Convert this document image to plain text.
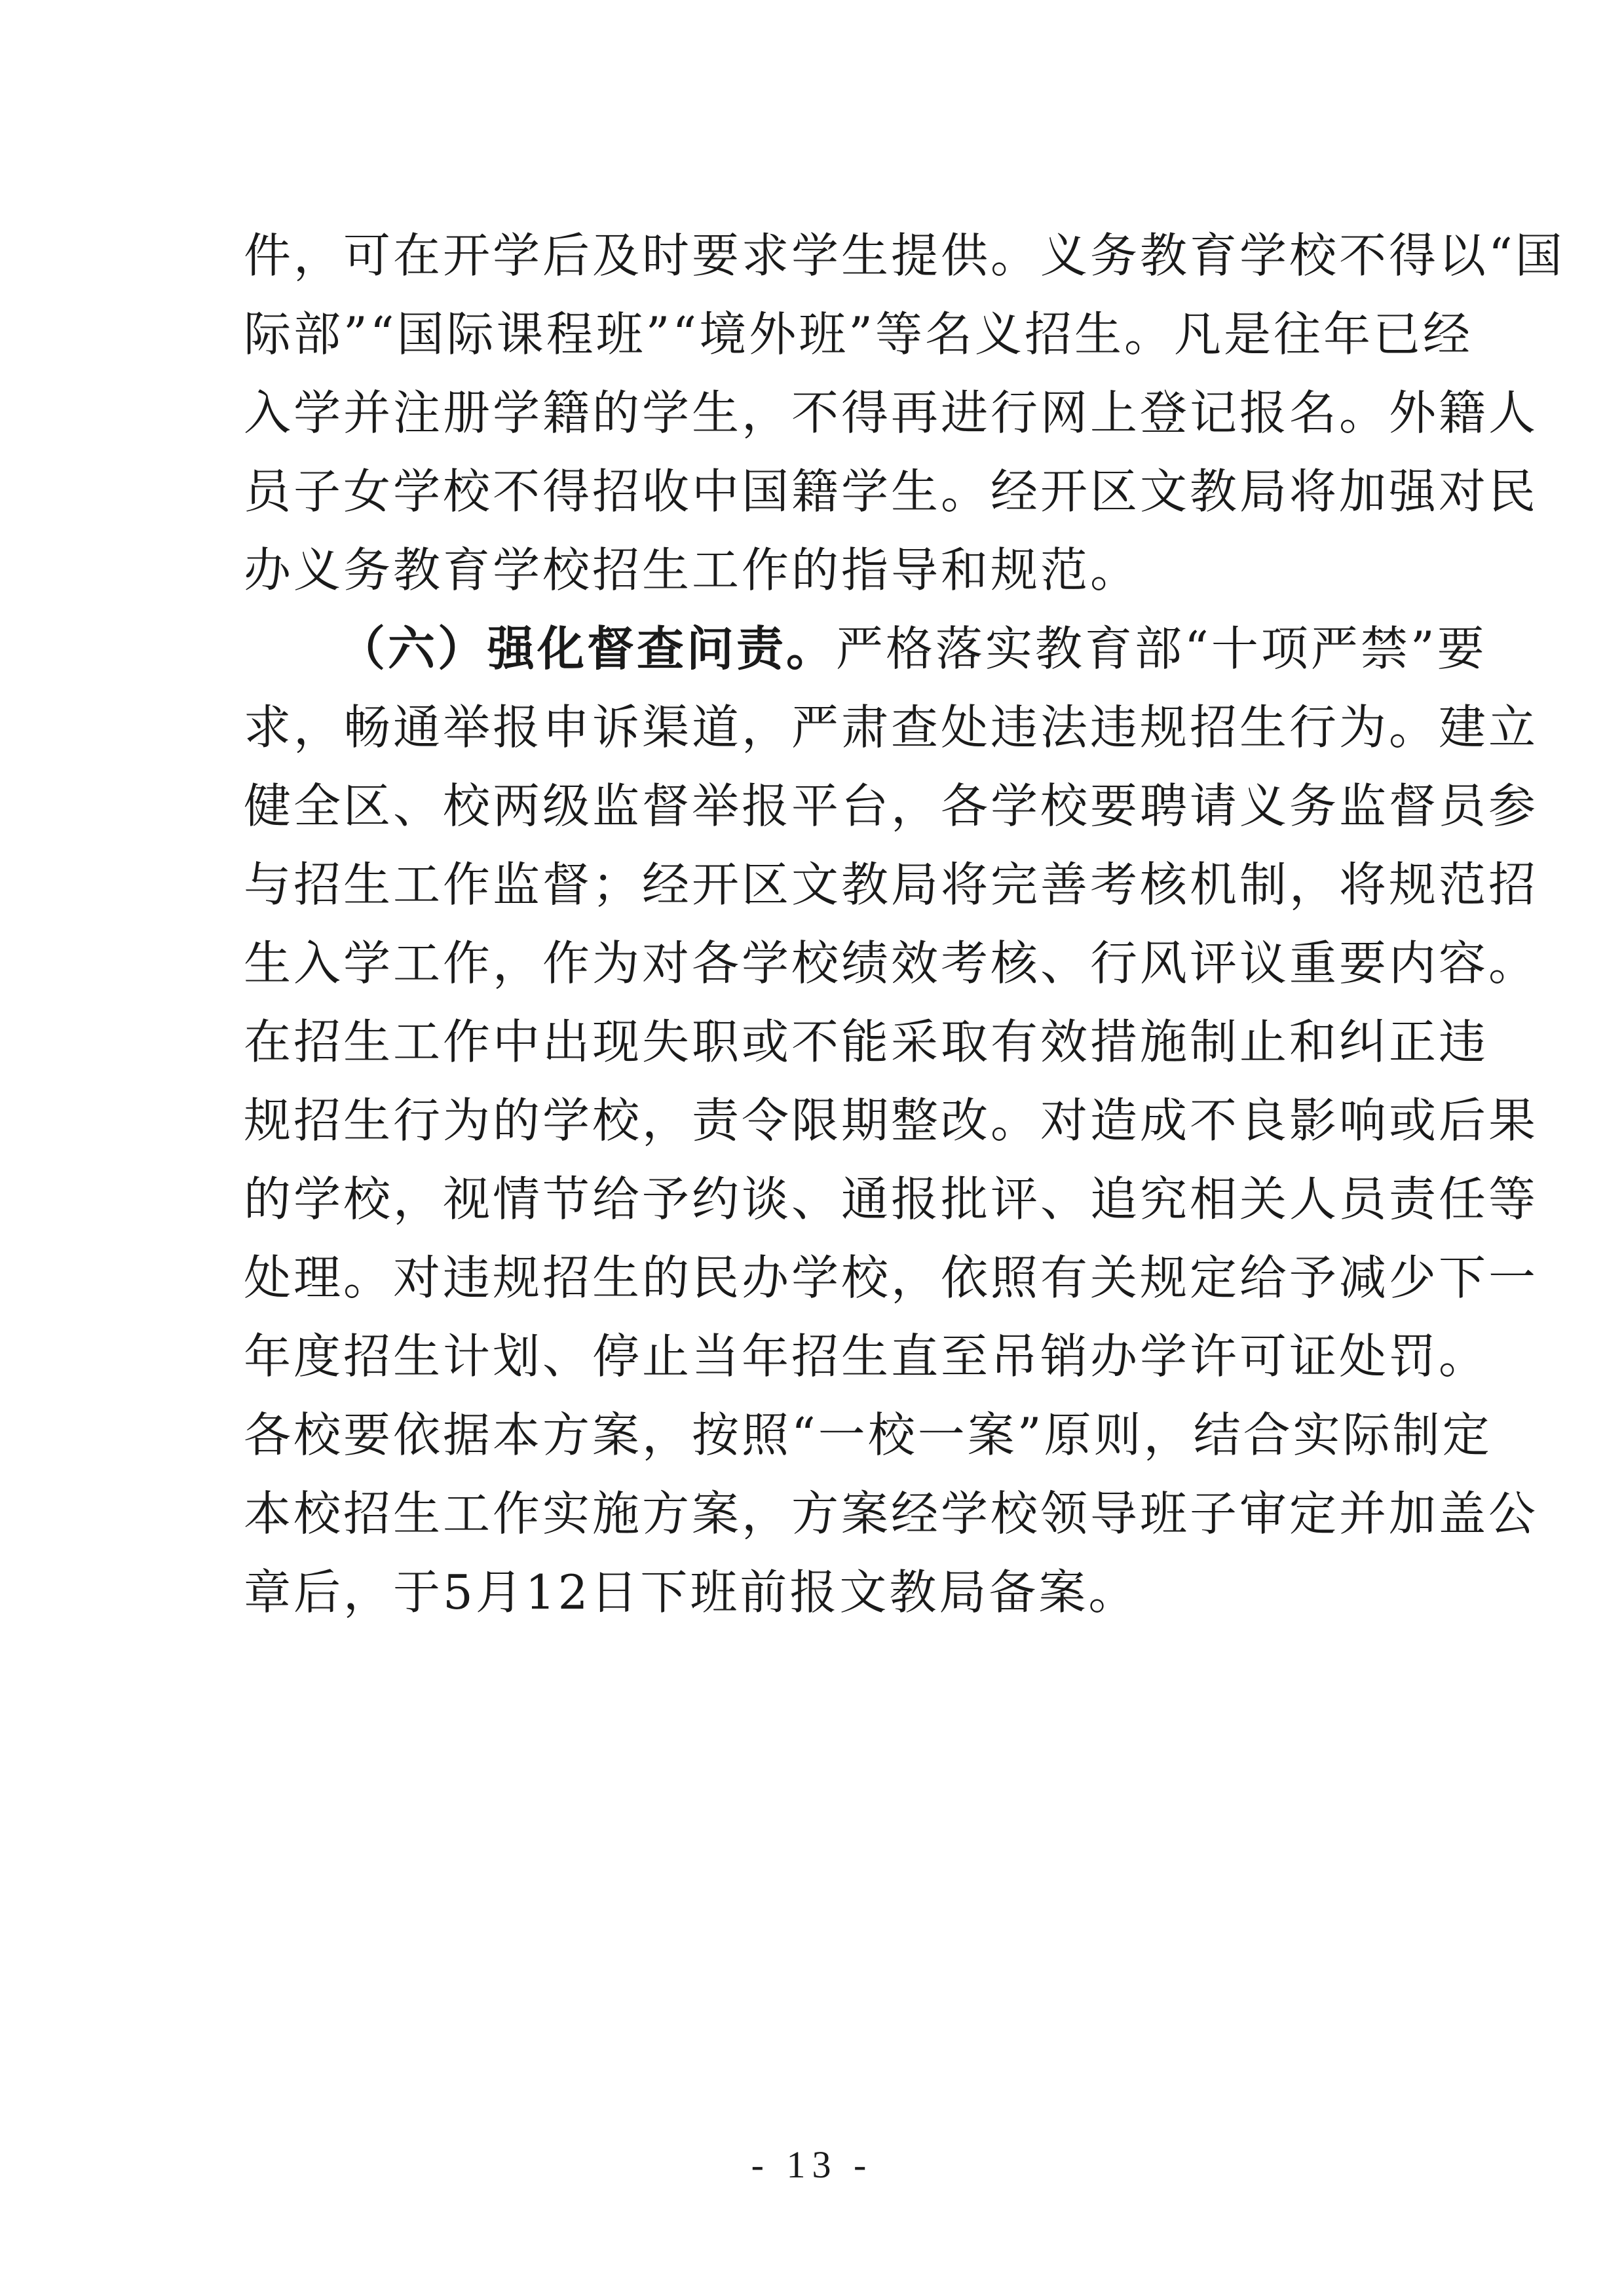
件，可在开学后及时要求学生提供。义务教育学校不得以“国
际部”“国际课程班”“境外班”等名义招生。凡是往年已经
入学并注册学籍的学生，不得再进行网上登记报名。外籍人
员子女学校不得招收中国籍学生。经开区文教局将加强对民
办义务教育学校招生工作的指导和规范。
（六）强化督查问责。严格落实教育部“十项严禁”要
求，畅通举报申诉渠道，严肃查处违法违规招生行为。建立
健全区、校两级监督举报平台，各学校要聘请义务监督员参
与招生工作监督；经开区文教局将完善考核机制，将规范招
生入学工作，作为对各学校绩效考核、行风评议重要内容。
在招生工作中出现失职或不能采取有效措施制止和纠正违
规招生行为的学校，责令限期整改。对造成不良影响或后果
的学校，视情节给予约谈、通报批评、追究相关人员责任等
处理。对违规招生的民办学校，依照有关规定给予减少下一
年度招生计划、停止当年招生直至吊销办学许可证处罚。
各校要依据本方案，按照“一校一案”原则，结合实际制定
本校招生工作实施方案，方案经学校领导班子审定并加盖公
章后，于5月12日下班前报文教局备案。
- 13 -
